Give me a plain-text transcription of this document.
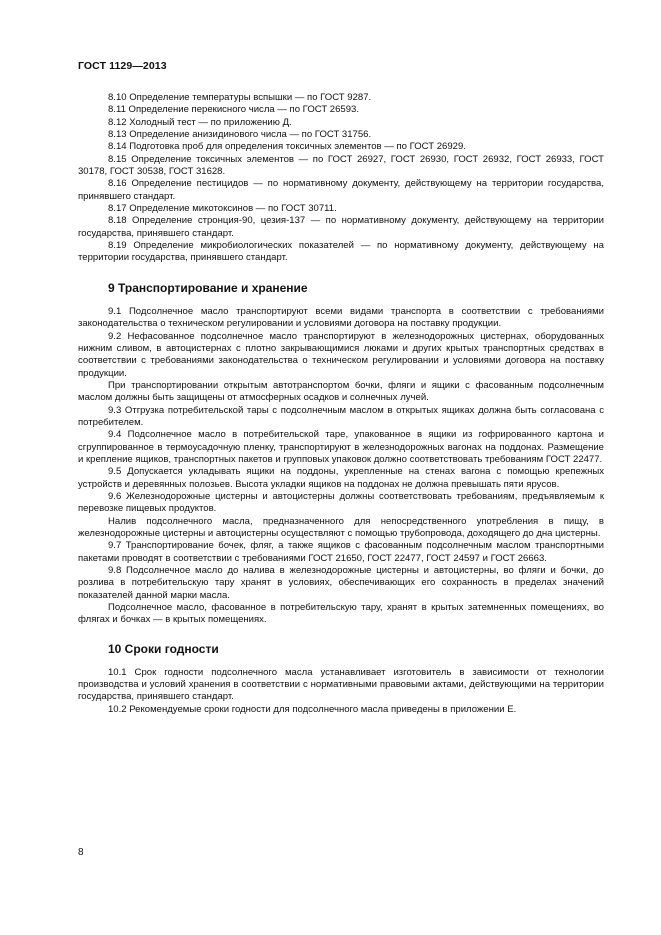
ГОСТ 1129—2013

8.10 Определение температуры вспышки — по ГОСТ 9287.

8.11 Определение перекисного числа — по ГОСТ 26593.

8.12 Холодный тест — по приложению Д.

8.13 Определение анизидинового числа — по ГОСТ 31756.

8.14 Подготовка проб для определения токсичных элементов — по ГОСТ 26929.

8.15 Определение токсичных элементов — по ГОСТ 26927, ГОСТ 26930, ГОСТ 26932, ГОСТ 26933, ГОСТ 30178, ГОСТ 30538, ГОСТ 31628.

8.16 Определение пестицидов — по нормативному документу, действующему на территории государства, принявшего стандарт.

8.17 Определение микотоксинов — по ГОСТ 30711.

8.18 Определение стронция-90, цезия-137 — по нормативному документу, действующему на территории государства, принявшего стандарт.

8.19 Определение микробиологических показателей — по нормативному документу, действующему на территории государства, принявшего стандарт.

9 Транспортирование и хранение

9.1 Подсолнечное масло транспортируют всеми видами транспорта в соответствии с требованиями законодательства о техническом регулировании и условиями договора на поставку продукции.

9.2 Нефасованное подсолнечное масло транспортируют в железнодорожных цистернах, оборудованных нижним сливом, в автоцистернах с плотно закрывающимися люками и других крытых транспортных средствах в соответствии с требованиями законодательства о техническом регулировании и условиями договора на поставку продукции.

При транспортировании открытым автотранспортом бочки, фляги и ящики с фасованным подсолнечным маслом должны быть защищены от атмосферных осадков и солнечных лучей.

9.3 Отгрузка потребительской тары с подсолнечным маслом в открытых ящиках должна быть согласована с потребителем.

9.4 Подсолнечное масло в потребительской таре, упакованное в ящики из гофрированного картона и сгруппированное в термоусадочную пленку, транспортируют в железнодорожных вагонах на поддонах. Размещение и крепление ящиков, транспортных пакетов и групповых упаковок должно соответствовать требованиям ГОСТ 22477.

9.5 Допускается укладывать ящики на поддоны, укрепленные на стенах вагона с помощью крепежных устройств и деревянных полозьев. Высота укладки ящиков на поддонах не должна превышать пяти ярусов.

9.6 Железнодорожные цистерны и автоцистерны должны соответствовать требованиям, предъявляемым к перевозке пищевых продуктов.

Налив подсолнечного масла, предназначенного для непосредственного употребления в пищу, в железнодорожные цистерны и автоцистерны осуществляют с помощью трубопровода, доходящего до дна цистерны.

9.7 Транспортирование бочек, фляг, а также ящиков с фасованным подсолнечным маслом транспортными пакетами проводят в соответствии с требованиями ГОСТ 21650, ГОСТ 22477, ГОСТ 24597 и ГОСТ 26663.

9.8 Подсолнечное масло до налива в железнодорожные цистерны и автоцистерны, во фляги и бочки, до розлива в потребительскую тару хранят в условиях, обеспечивающих его сохранность в пределах значений показателей данной марки масла.

Подсолнечное масло, фасованное в потребительскую тару, хранят в крытых затемненных помещениях, во флягах и бочках — в крытых помещениях.

10 Сроки годности

10.1 Срок годности подсолнечного масла устанавливает изготовитель в зависимости от технологии производства и условий хранения в соответствии с нормативными правовыми актами, действующими на территории государства, принявшего стандарт.

10.2 Рекомендуемые сроки годности для подсолнечного масла приведены в приложении Е.

8
